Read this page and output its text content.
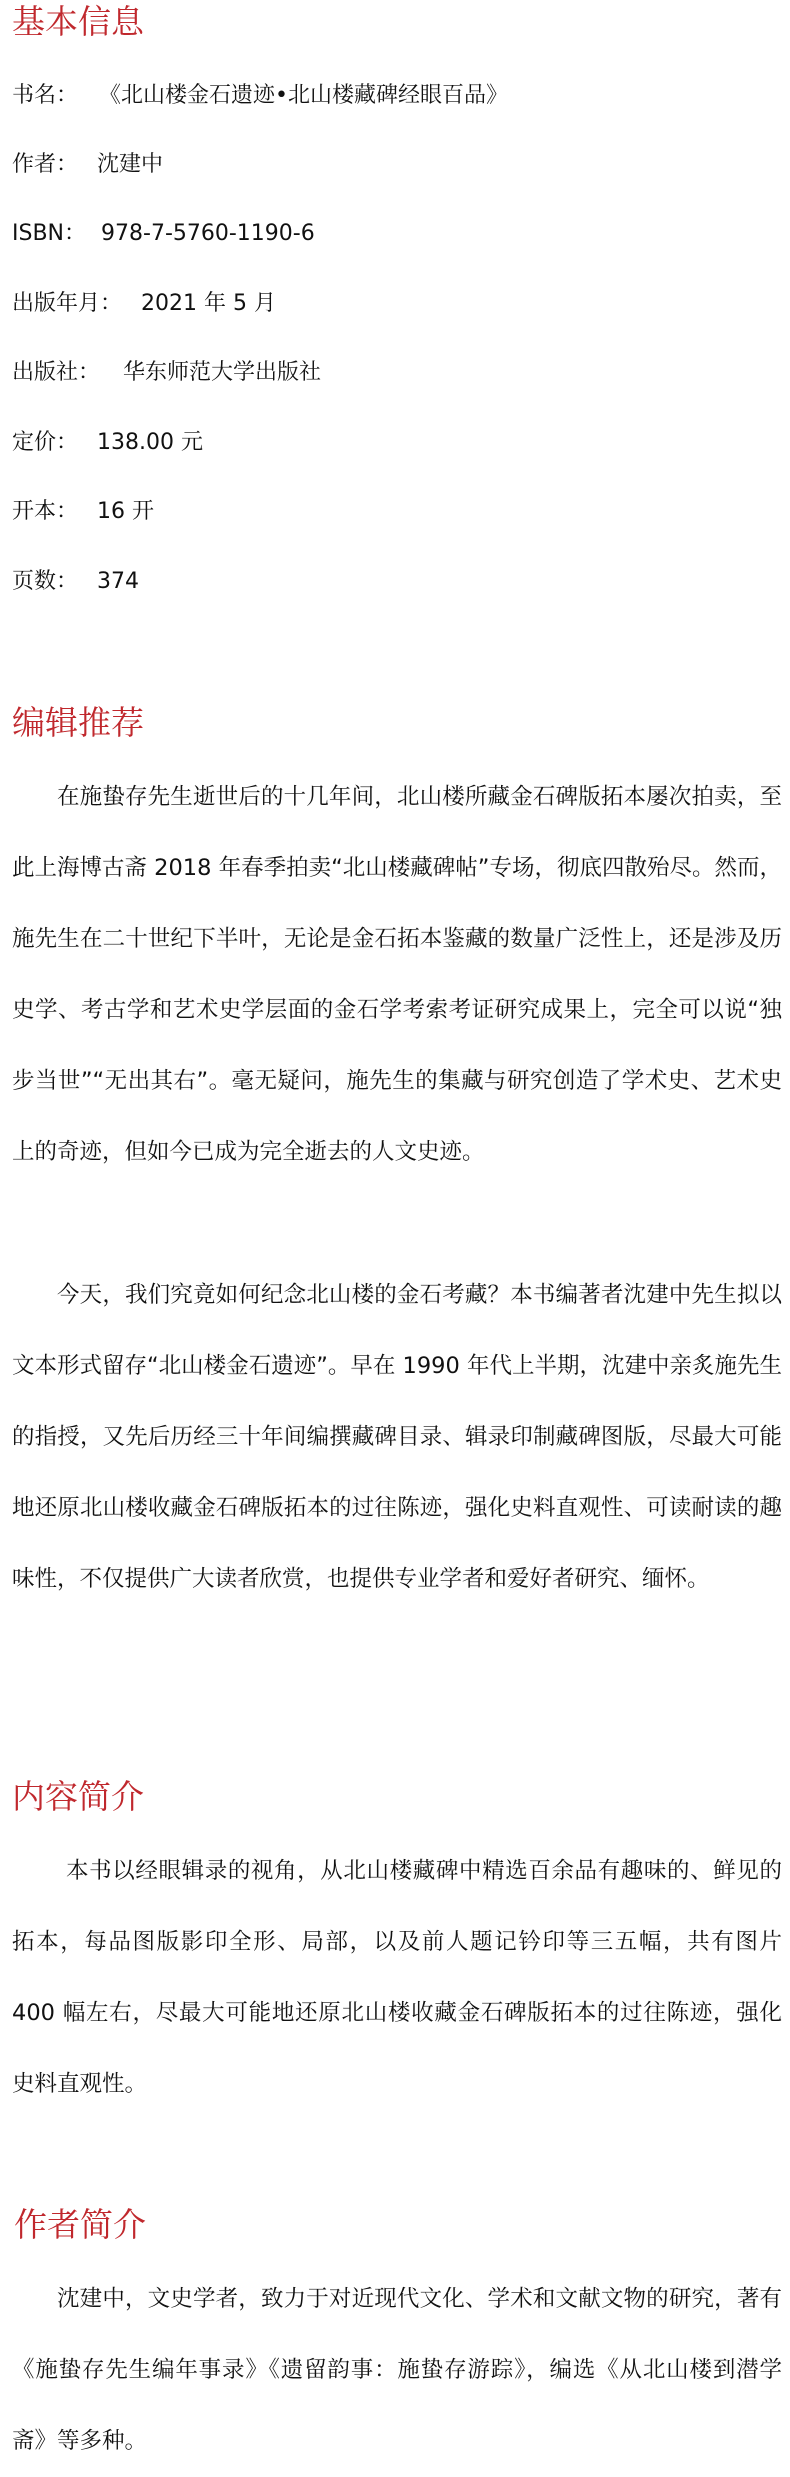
基本信息
书名： 《北山楼金石遗迹•北山楼藏碑经眼百品》
作者： 沈建中
ISBN： 978-7-5760-1190-6
出版年月： 2021 年 5 月
出版社： 华东师范大学出版社
定价： 138.00 元
开本： 16 开
页数： 374
编辑推荐

在施蛰存先生逝世后的十几年间，北山楼所藏金石碑版拓本屡次拍卖，至此上海博古斋 2018 年春季拍卖“北山楼藏碑帖”专场，彻底四散殆尽。然而，施先生在二十世纪下半叶，无论是金石拓本鉴藏的数量广泛性上，还是涉及历史学、考古学和艺术史学层面的金石学考索考证研究成果上，完全可以说“独步当世”“无出其右”。毫无疑问，施先生的集藏与研究创造了学术史、艺术史上的奇迹，但如今已成为完全逝去的人文史迹。

今天，我们究竟如何纪念北山楼的金石考藏？本书编著者沈建中先生拟以文本形式留存“北山楼金石遗迹”。早在 1990 年代上半期，沈建中亲炙施先生的指授，又先后历经三十年间编撰藏碑目录、辑录印制藏碑图版，尽最大可能地还原北山楼收藏金石碑版拓本的过往陈迹，强化史料直观性、可读耐读的趣味性，不仅提供广大读者欣赏，也提供专业学者和爱好者研究、缅怀。

内容简介

本书以经眼辑录的视角，从北山楼藏碑中精选百余品有趣味的、鲜见的拓本，每品图版影印全形、局部，以及前人题记钤印等三五幅，共有图片 400 幅左右，尽最大可能地还原北山楼收藏金石碑版拓本的过往陈迹，强化史料直观性。

作者简介

沈建中，文史学者，致力于对近现代文化、学术和文献文物的研究，著有《施蛰存先生编年事录》《遗留韵事：施蛰存游踪》，编选《从北山楼到潜学斋》等多种。
